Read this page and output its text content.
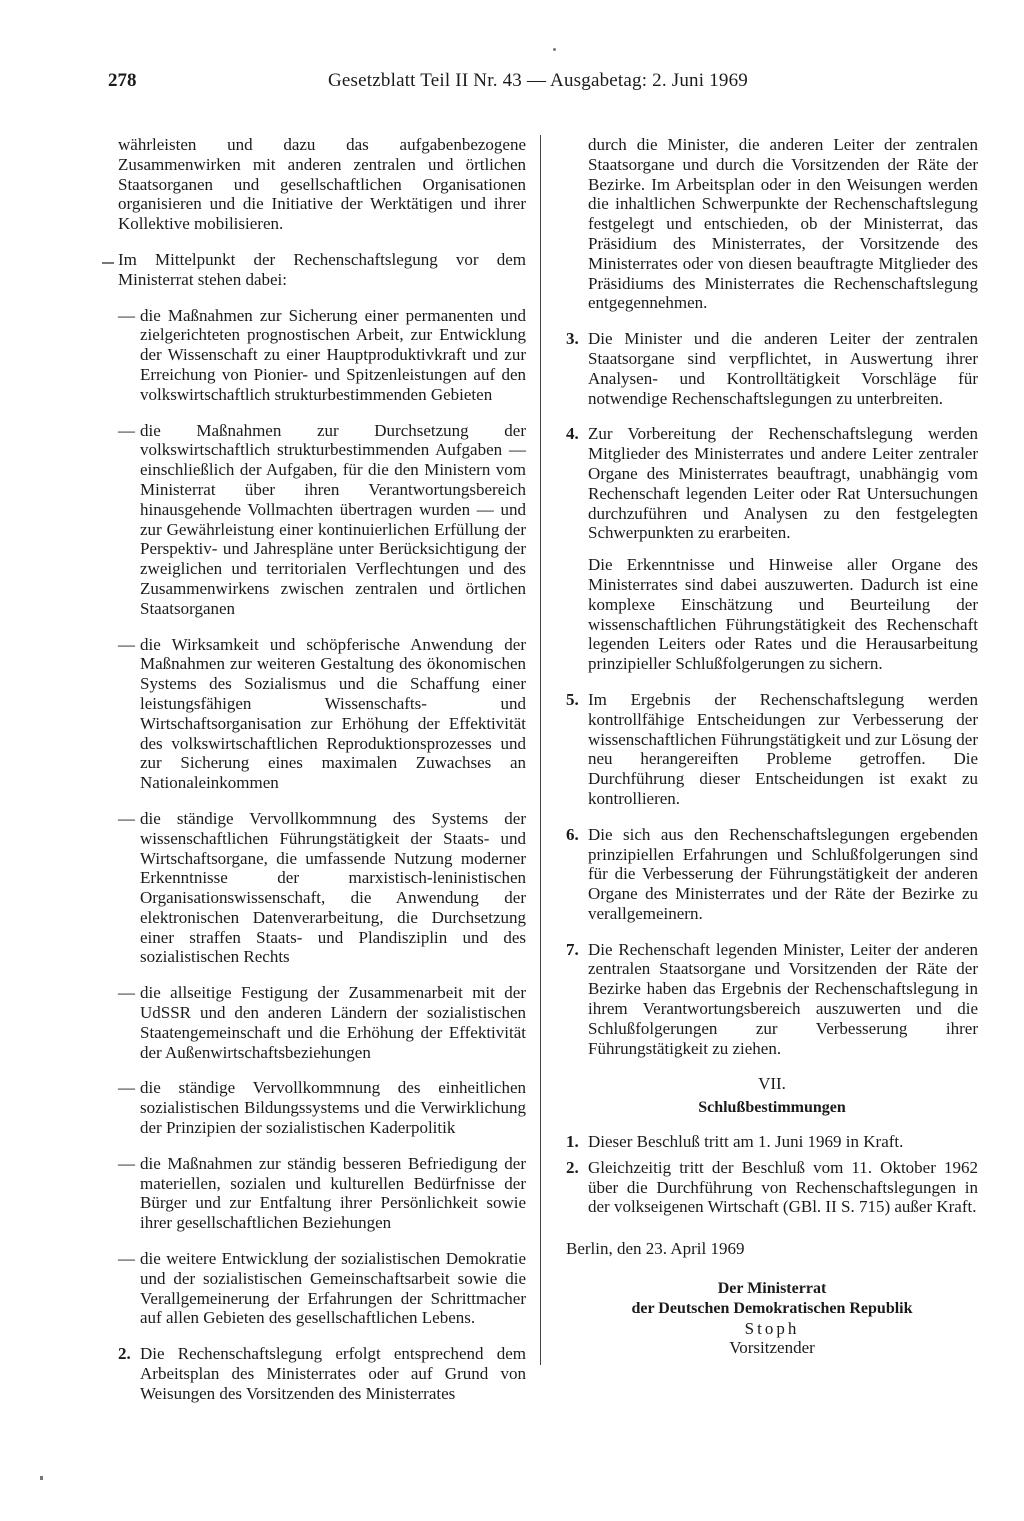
278	Gesetzblatt Teil II Nr. 43 — Ausgabetag: 2. Juni 1969

währleisten und dazu das aufgabenbezogene Zusammenwirken mit anderen zentralen und örtlichen Staatsorganen und gesellschaftlichen Organisationen organisieren und die Initiative der Werktätigen und ihrer Kollektive mobilisieren.

Im Mittelpunkt der Rechenschaftslegung vor dem Ministerrat stehen dabei:

— die Maßnahmen zur Sicherung einer permanenten und zielgerichteten prognostischen Arbeit, zur Entwicklung der Wissenschaft zu einer Hauptproduktivkraft und zur Erreichung von Pionier- und Spitzenleistungen auf den volkswirtschaftlich strukturbestimmenden Gebieten
— die Maßnahmen zur Durchsetzung der volkswirtschaftlich strukturbestimmenden Aufgaben — einschließlich der Aufgaben, für die den Ministern vom Ministerrat über ihren Verantwortungsbereich hinausgehende Vollmachten übertragen wurden — und zur Gewährleistung einer kontinuierlichen Erfüllung der Perspektiv- und Jahrespläne unter Berücksichtigung der zweiglichen und territorialen Verflechtungen und des Zusammenwirkens zwischen zentralen und örtlichen Staatsorganen
— die Wirksamkeit und schöpferische Anwendung der Maßnahmen zur weiteren Gestaltung des ökonomischen Systems des Sozialismus und die Schaffung einer leistungsfähigen Wissenschafts- und Wirtschaftsorganisation zur Erhöhung der Effektivität des volkswirtschaftlichen Reproduktionsprozesses und zur Sicherung eines maximalen Zuwachses an Nationaleinkommen
— die ständige Vervollkommnung des Systems der wissenschaftlichen Führungstätigkeit der Staats- und Wirtschaftsorgane, die umfassende Nutzung moderner Erkenntnisse der marxistisch-leninistischen Organisationswissenschaft, die Anwendung der elektronischen Datenverarbeitung, die Durchsetzung einer straffen Staats- und Plandisziplin und des sozialistischen Rechts
— die allseitige Festigung der Zusammenarbeit mit der UdSSR und den anderen Ländern der sozialistischen Staatengemeinschaft und die Erhöhung der Effektivität der Außenwirtschaftsbeziehungen
— die ständige Vervollkommnung des einheitlichen sozialistischen Bildungssystems und die Verwirklichung der Prinzipien der sozialistischen Kaderpolitik
— die Maßnahmen zur ständig besseren Befriedigung der materiellen, sozialen und kulturellen Bedürfnisse der Bürger und zur Entfaltung ihrer Persönlichkeit sowie ihrer gesellschaftlichen Beziehungen
— die weitere Entwicklung der sozialistischen Demokratie und der sozialistischen Gemeinschaftsarbeit sowie die Verallgemeinerung der Erfahrungen der Schrittmacher auf allen Gebieten des gesellschaftlichen Lebens.
2. Die Rechenschaftslegung erfolgt entsprechend dem Arbeitsplan des Ministerrates oder auf Grund von Weisungen des Vorsitzenden des Ministerrates

durch die Minister, die anderen Leiter der zentralen Staatsorgane und durch die Vorsitzenden der Räte der Bezirke. Im Arbeitsplan oder in den Weisungen werden die inhaltlichen Schwerpunkte der Rechenschaftslegung festgelegt und entschieden, ob der Ministerrat, das Präsidium des Ministerrates, der Vorsitzende des Ministerrates oder von diesen beauftragte Mitglieder des Präsidiums des Ministerrates die Rechenschaftslegung entgegennehmen.

3. Die Minister und die anderen Leiter der zentralen Staatsorgane sind verpflichtet, in Auswertung ihrer Analysen- und Kontrolltätigkeit Vorschläge für notwendige Rechenschaftslegungen zu unterbreiten.
4. Zur Vorbereitung der Rechenschaftslegung werden Mitglieder des Ministerrates und andere Leiter zentraler Organe des Ministerrates beauftragt, unabhängig vom Rechenschaft legenden Leiter oder Rat Untersuchungen durchzuführen und Analysen zu den festgelegten Schwerpunkten zu erarbeiten.
Die Erkenntnisse und Hinweise aller Organe des Ministerrates sind dabei auszuwerten. Dadurch ist eine komplexe Einschätzung und Beurteilung der wissenschaftlichen Führungstätigkeit des Rechenschaft legenden Leiters oder Rates und die Herausarbeitung prinzipieller Schlußfolgerungen zu sichern.
5. Im Ergebnis der Rechenschaftslegung werden kontrollfähige Entscheidungen zur Verbesserung der wissenschaftlichen Führungstätigkeit und zur Lösung der neu herangereiften Probleme getroffen. Die Durchführung dieser Entscheidungen ist exakt zu kontrollieren.
6. Die sich aus den Rechenschaftslegungen ergebenden prinzipiellen Erfahrungen und Schlußfolgerungen sind für die Verbesserung der Führungstätigkeit der anderen Organe des Ministerrates und der Räte der Bezirke zu verallgemeinern.
7. Die Rechenschaft legenden Minister, Leiter der anderen zentralen Staatsorgane und Vorsitzenden der Räte der Bezirke haben das Ergebnis der Rechenschaftslegung in ihrem Verantwortungsbereich auszuwerten und die Schlußfolgerungen zur Verbesserung ihrer Führungstätigkeit zu ziehen.
VII.
Schlußbestimmungen
1. Dieser Beschluß tritt am 1. Juni 1969 in Kraft.
2. Gleichzeitig tritt der Beschluß vom 11. Oktober 1962 über die Durchführung von Rechenschaftslegungen in der volkseigenen Wirtschaft (GBl. II S. 715) außer Kraft.
Berlin, den 23. April 1969
Der Ministerrat
der Deutschen Demokratischen Republik
Stoph
Vorsitzender
